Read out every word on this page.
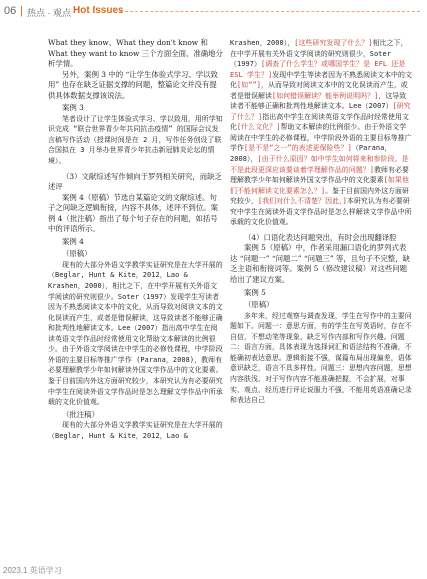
06 | 热点 · 观点 Hot Issues

What they know、What they don't know 和 What they want to know 三个方面全面、准确地分析学情。

另外，案例 3 中的 “让学生体验式学习、学以致用” 也存在缺乏证据支撑的问题，整篇论文并没有提供具体数据支撑该说法。

案例 3

笔者设计了让学生体验式学习、学以致用，用所学知识完成 “联合世界青少年共同抗击疫情” 的国际会议发言稿写作活动（授课时间是在 2 月，写作任务创设了联合国拟在 3 月举办世界青少年抗击新冠肺炎论坛的情境）。

（3）文献综述写作倾向于罗列相关研究，而缺乏述评

案例 4（原稿）节选自某篇论文的文献综述。句子之间缺乏逻辑衔接，内容不具体，述评不到位。案例 4（批注稿）指出了每个句子存在的问题，如括号中的评语所示。

案例 4

（原稿）

现有的大部分外语文学教学实证研究是在大学开展的（Beglar, Hunt & Kite，2012，Lao & Krashen，2000），相比之下，在中学开展有关外语文学阅读的研究则很少。Soter（1997）发现学生写读者因为不熟悉阅读文本中的文化，从而导致对阅读文本的文化误读而产生，或者是错误解读，这导致读者不能够正确和批判性地解读文本。Lee（2007）指出高中学生在阅读英语文学作品时经常使用文化帮助文本解读的比例很少。由于外语文学阅读在中学生的必修性课程，中学阶段外语的主要目标等推广学作 (Parana，2008)，教师有必要理解教学少年如何解读外国文学作品中的文化要素。鉴于目前国内外这方面研究较少，本研究认为有必要研究中学生在阅读外语文学作品时是怎么理解文学作品中所承载的文化价值观。

（批注稿）

现有的大部分外语文学教学实证研究是在大学开展的（Beglar, Hunt & Kite，2012，Lao &

Krashen，2000），[这些研究发现了什么？]相比之下，在中学开展有关外语文学阅读的研究则很少，Soter（1997）[调查了什么学生？或哪国学生？是 EFL 还是 ESL 学生？]发现中学生等读者因为不熟悉阅读文本中的文化[如“”]，从而导致对阅读文本中的文化误读而产生，或者是错误解读[如何错误解读？能举例说明吗？]，这导致读者不能够正确和批判性地解读文本。Lee（2007）[研究了什么？]指出高中学生在阅读英语文学作品时经常使用文化[什么文化？]帮助文本解读的比例很少。由于外语文学阅读在中学生的必修课程，中学阶段外语的主要目标等推广学作[是不是“之一”的表述更保险些？]（Parana，2008），[由于什么原因？如中学生如何将来和参阶段。是不是此段更深应该要谈着学理解作品的问题？]教师有必要理解教学少年如何解读外国文学作品中的文化要素[如果他们不能何解读文化要素怎么？]。鉴于目前国内外这方面研究较少，[我们对什么不清楚？因此，]本研究认为有必要研究中学生在阅读外语文学作品时是怎么样解读文学作品中所承载的文化价值观。

（4）口语化表达问题突出，有时会出现翻译腔

案例 5（原稿）中，作者采用漏口语化的罗列式表达 “问题一” “问题二” “问题三” 等，且句子不完整，缺乏主语和衔接词等。案例 5（修改建议稿）对这些问题给出了建议方案。

案例 5

（原稿）

多年来，经过观察与调查发现，学生在写作中的主要问题如下。问题一：意思方面，有的学生在写英语时，存在不自信，不想动笔等现象，缺乏写作内部和写作兴趣。问题二：语言方面，具体表现为选择词汇和语法结构不准确，不能确初表达意思。逻辑衔接不强，谋篇布局出现偏差，语体意识缺乏，语言不具多样性。问题三：思想内容问题，思想内容肤浅、对于写作内容不能准确把握，不会扩展，对事实、观点、经历进行评论说服力不强，不能用英语准确记录和表达自己

2023.1 英语学习
